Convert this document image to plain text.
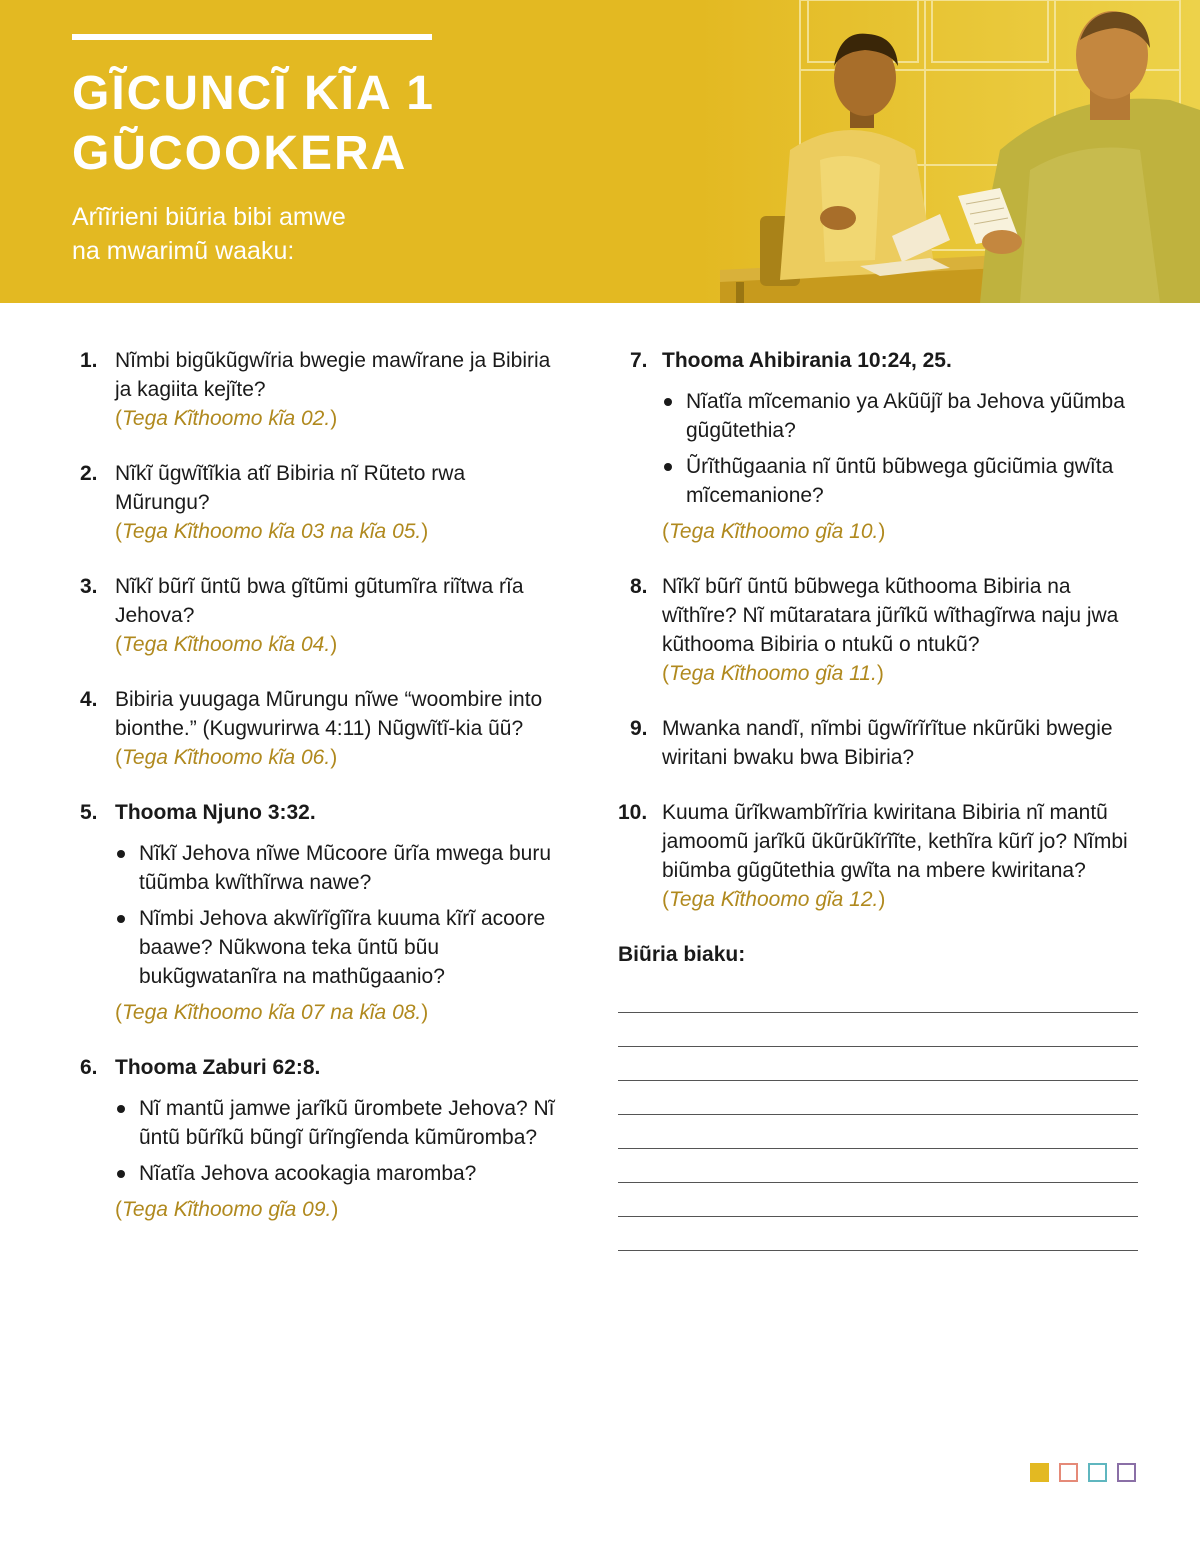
GĨCUNCĨ KĨA 1
GŨCOOKERA
Arĩĩrieni biũria bibi amwe
na mwarimũ waaku:
1. Nĩmbi bigũkũgwĩria bwegie mawĩrane ja Bibiria ja kagiita kejĩte?
(Tega Kĩthoomo kĩa 02.)
2. Nĩkĩ ũgwĩtĩkia atĩ Bibiria nĩ Rũteto rwa Mũrungu?
(Tega Kĩthoomo kĩa 03 na kĩa 05.)
3. Nĩkĩ bũrĩ ũntũ bwa gĩtũmi gũtumĩra riĩtwa rĩa Jehova?
(Tega Kĩthoomo kĩa 04.)
4. Bibiria yuugaga Mũrungu nĩwe “woombire into bionthe.” (Kugwurirwa 4:11) Nũgwĩtĩ-kia ũũ?
(Tega Kĩthoomo kĩa 06.)
5. Thooma Njuno 3:32.
Nĩkĩ Jehova nĩwe Mũcoore ũrĩa mwega buru tũũmba kwĩthĩrwa nawe?
Nĩmbi Jehova akwĩrĩgĩĩra kuuma kĩrĩ acoore baawe? Nũkwona teka ũntũ bũu bukũgwatanĩra na mathũgaanio?
(Tega Kĩthoomo kĩa 07 na kĩa 08.)
6. Thooma Zaburi 62:8.
Nĩ mantũ jamwe jarĩkũ ũrombete Jehova? Nĩ ũntũ bũrĩkũ bũngĩ ũrĩngĩenda kũmũromba?
Nĩatĩa Jehova acookagia maromba?
(Tega Kĩthoomo gĩa 09.)
7. Thooma Ahibirania 10:24, 25.
Nĩatĩa mĩcemanio ya Akũũjĩ ba Jehova yũũmba gũgũtethia?
Ũrĩthũgaania nĩ ũntũ bũbwega gũciũmia gwĩta mĩcemanione?
(Tega Kĩthoomo gĩa 10.)
8. Nĩkĩ bũrĩ ũntũ bũbwega kũthooma Bibiria na wĩthĩre? Nĩ mũtaratara jũrĩkũ wĩthagĩrwa naju jwa kũthooma Bibiria o ntukũ o ntukũ?
(Tega Kĩthoomo gĩa 11.)
9. Mwanka nandĩ, nĩmbi ũgwĩrĩrĩtue nkũrũki bwegie wiritani bwaku bwa Bibiria?
10. Kuuma ũrĩkwambĩrĩria kwiritana Bibiria nĩ mantũ jamoomũ jarĩkũ ũkũrũkĩrĩĩte, kethĩra kũrĩ jo? Nĩmbi biũmba gũgũtethia gwĩta na mbere kwiritana?
(Tega Kĩthoomo gĩa 12.)
Biũria biaku:
